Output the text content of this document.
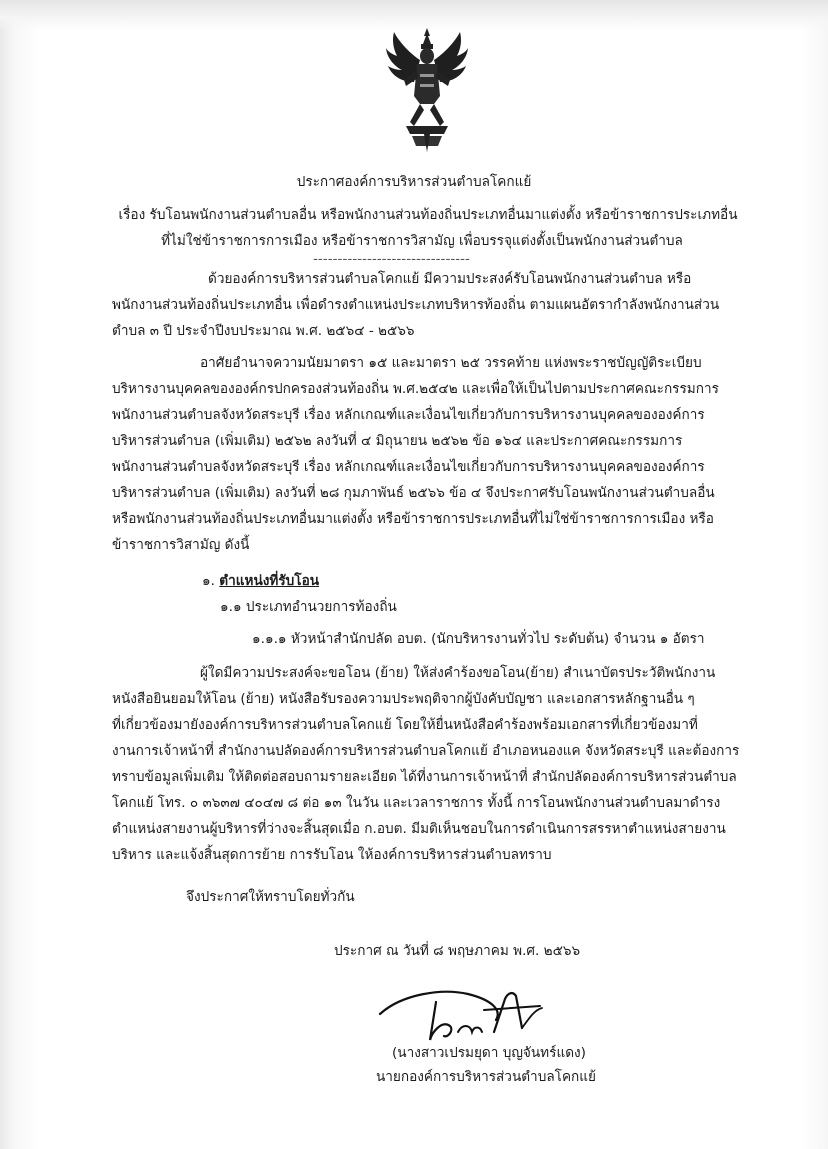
ประกาศองค์การบริหารส่วนตำบลโคกแย้
เรื่อง รับโอนพนักงานส่วนตำบลอื่น หรือพนักงานส่วนท้องถิ่นประเภทอื่นมาแต่งตั้ง หรือข้าราชการประเภทอื่น
ที่ไม่ใช่ข้าราชการการเมือง หรือข้าราชการวิสามัญ เพื่อบรรจุแต่งตั้งเป็นพนักงานส่วนตำบล
--------------------------------
ด้วยองค์การบริหารส่วนตำบลโคกแย้ มีความประสงค์รับโอนพนักงานส่วนตำบล หรือ
พนักงานส่วนท้องถิ่นประเภทอื่น เพื่อดำรงตำแหน่งประเภทบริหารท้องถิ่น ตามแผนอัตรากำลังพนักงานส่วน
ตำบล ๓ ปี ประจำปีงบประมาณ พ.ศ. ๒๕๖๔ - ๒๕๖๖
อาศัยอำนาจความนัยมาตรา ๑๕ และมาตรา ๒๕ วรรคท้าย แห่งพระราชบัญญัติระเบียบ
บริหารงานบุคคลขององค์กรปกครองส่วนท้องถิ่น พ.ศ.๒๕๔๒ และเพื่อให้เป็นไปตามประกาศคณะกรรมการ
พนักงานส่วนตำบลจังหวัดสระบุรี เรื่อง หลักเกณฑ์และเงื่อนไขเกี่ยวกับการบริหารงานบุคคลขององค์การ
บริหารส่วนตำบล (เพิ่มเติม) ๒๕๖๒ ลงวันที่ ๔ มิถุนายน ๒๕๖๒ ข้อ ๑๖๔ และประกาศคณะกรรมการ
พนักงานส่วนตำบลจังหวัดสระบุรี เรื่อง หลักเกณฑ์และเงื่อนไขเกี่ยวกับการบริหารงานบุคคลขององค์การ
บริหารส่วนตำบล (เพิ่มเติม) ลงวันที่ ๒๘ กุมภาพันธ์ ๒๕๖๖ ข้อ ๔ จึงประกาศรับโอนพนักงานส่วนตำบลอื่น
หรือพนักงานส่วนท้องถิ่นประเภทอื่นมาแต่งตั้ง หรือข้าราชการประเภทอื่นที่ไม่ใช่ข้าราชการการเมือง หรือ
ข้าราชการวิสามัญ ดังนี้
๑. ตำแหน่งที่รับโอน
๑.๑ ประเภทอำนวยการท้องถิ่น
๑.๑.๑ หัวหน้าสำนักปลัด อบต. (นักบริหารงานทั่วไป ระดับต้น) จำนวน ๑ อัตรา
ผู้ใดมีความประสงค์จะขอโอน (ย้าย) ให้ส่งคำร้องขอโอน(ย้าย) สำเนาบัตรประวัติพนักงาน
หนังสือยินยอมให้โอน (ย้าย) หนังสือรับรองความประพฤติจากผู้บังคับบัญชา และเอกสารหลักฐานอื่น ๆ
ที่เกี่ยวข้องมายังองค์การบริหารส่วนตำบลโคกแย้ โดยให้ยื่นหนังสือคำร้องพร้อมเอกสารที่เกี่ยวข้องมาที่
งานการเจ้าหน้าที่ สำนักงานปลัดองค์การบริหารส่วนตำบลโคกแย้ อำเภอหนองแค จังหวัดสระบุรี และต้องการ
ทราบข้อมูลเพิ่มเติม ให้ติดต่อสอบถามรายละเอียด ได้ที่งานการเจ้าหน้าที่ สำนักปลัดองค์การบริหารส่วนตำบล
โคกแย้ โทร. ๐ ๓๖๓๗ ๔๐๔๗ ๘ ต่อ ๑๓ ในวัน และเวลาราชการ ทั้งนี้ การโอนพนักงานส่วนตำบลมาดำรง
ตำแหน่งสายงานผู้บริหารที่ว่างจะสิ้นสุดเมื่อ ก.อบต. มีมติเห็นชอบในการดำเนินการสรรหาตำแหน่งสายงาน
บริหาร และแจ้งสิ้นสุดการย้าย การรับโอน ให้องค์การบริหารส่วนตำบลทราบ
จึงประกาศให้ทราบโดยทั่วกัน
ประกาศ ณ วันที่ ๘ พฤษภาคม พ.ศ. ๒๕๖๖
(นางสาวเปรมยุดา บุญจันทร์แดง)
นายกองค์การบริหารส่วนตำบลโคกแย้
